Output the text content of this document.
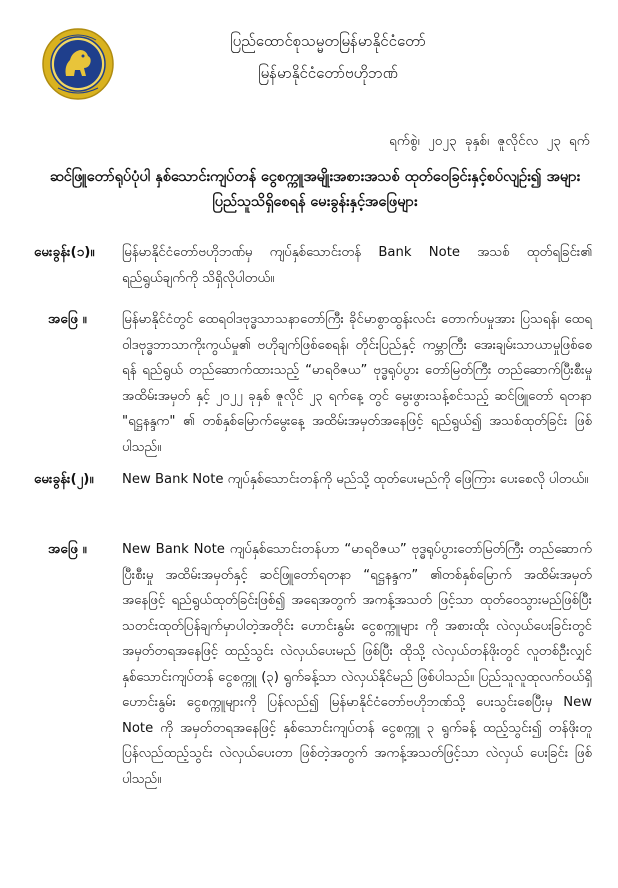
ပြည်ထောင်စုသမ္မတမြန်မာနိုင်ငံတော်
မြန်မာနိုင်ငံတော်ဗဟိုဘဏ်
ရက်စွဲ၊ ၂၀၂၃ ခုနှစ်၊ ဇူလိုင်လ ၂၃ ရက်
ဆင်ဖြူတော်ရုပ်ပုံပါ နှစ်သောင်းကျပ်တန် ငွေစက္ကူအမျိုးအစားအသစ် ထုတ်ဝေခြင်းနှင့်စပ်လျဉ်း၍ အများပြည်သူသိရှိစေရန် မေးခွန်းနှင့်အဖြေများ
မေးခွန်း(၁)။ မြန်မာနိုင်ငံတော်ဗဟိုဘဏ်မှ ကျပ်နှစ်သောင်းတန် Bank Note အသစ် ထုတ်ရခြင်း၏ ရည်ရွယ်ချက်ကို သိရှိလိုပါတယ်။
အဖြေ ။	မြန်မာနိုင်ငံတွင် ထေရဝါဒဗုဒ္ဓသာသနာတော်ကြီး ခိုင်မာစွာထွန်းလင်း တောက်ပမှုအား ပြသရန်၊ ထေရဝါဒဗုဒ္ဓဘာသာကိုးကွယ်မှု၏ ဗဟိုချက်ဖြစ်စေရန်၊ တိုင်းပြည်နှင့် ကမ္ဘာကြီး အေးချမ်းသာယာမှုဖြစ်စေရန် ရည်ရွယ် တည်ဆောက်ထားသည့် “မာရဝိဇယ” ဗုဒ္ဓရုပ်ပွား တော်မြတ်ကြီး တည်ဆောက်ပြီးစီးမှု အထိမ်းအမှတ် နှင့် ၂၀၂၂ ခုနှစ် ဇူလိုင် ၂၃ ရက်နေ့ တွင် မွေးဖွားသန့်စင်သည့် ဆင်ဖြူတော် ရတနာ "ရဋ္ဌနန္ဒက" ၏ တစ်နှစ်မြောက်မွေးနေ့ အထိမ်းအမှတ်အနေဖြင့် ရည်ရွယ်၍ အသစ်ထုတ်ခြင်း ဖြစ်ပါသည်။
မေးခွန်း(၂)။ New Bank Note ကျပ်နှစ်သောင်းတန်ကို မည်သို့ ထုတ်ပေးမည်ကို ဖြေကြား ပေးစေလို ပါတယ်။
အဖြေ ။	New Bank Note ကျပ်နှစ်သောင်းတန်ဟာ “မာရဝိဇယ” ဗုဒ္ဓရုပ်ပွားတော်မြတ်ကြီး တည်ဆောက်ပြီးစီးမှု အထိမ်းအမှတ်နှင့် ဆင်ဖြူတော်ရတနာ “ရဋ္ဌနန္ဒက” ၏တစ်နှစ်မြောက် အထိမ်းအမှတ်အနေဖြင့် ရည်ရွယ်ထုတ်ခြင်းဖြစ်၍ အရေအတွက် အကန့်အသတ် ဖြင့်သာ ထုတ်ဝေသွားမည်ဖြစ်ပြီး သတင်းထုတ်ပြန်ချက်မှာပါတဲ့အတိုင်း ဟောင်းနွမ်း ငွေစက္ကူများ ကို အစားထိုး လဲလှယ်ပေးခြင်းတွင် အမှတ်တရအနေဖြင့် ထည့်သွင်း လဲလှယ်ပေးမည် ဖြစ်ပြီး ထိုသို့ လဲလှယ်တန်ဖိုးတွင် လူတစ်ဦးလျှင် နှစ်သောင်းကျပ်တန် ငွေစက္ကူ (၃) ရွက်ခန့်သာ လဲလှယ်နိုင်မည် ဖြစ်ပါသည်။ ပြည်သူလူထုလက်ဝယ်ရှိ ဟောင်းနွမ်း ငွေစက္ကူများကို ပြန်လည်၍ မြန်မာနိုင်ငံတော်ဗဟိုဘဏ်သို့ ပေးသွင်းစေပြီးမှ New Note ကို အမှတ်တရအနေဖြင့် နှစ်သောင်းကျပ်တန် ငွေစက္ကူ ၃ ရွက်ခန့် ထည့်သွင်း၍ တန်ဖိုးတူ ပြန်လည်ထည့်သွင်း လဲလှယ်ပေးတာ ဖြစ်တဲ့အတွက် အကန့်အသတ်ဖြင့်သာ လဲလှယ် ပေးခြင်း ဖြစ်ပါသည်။
